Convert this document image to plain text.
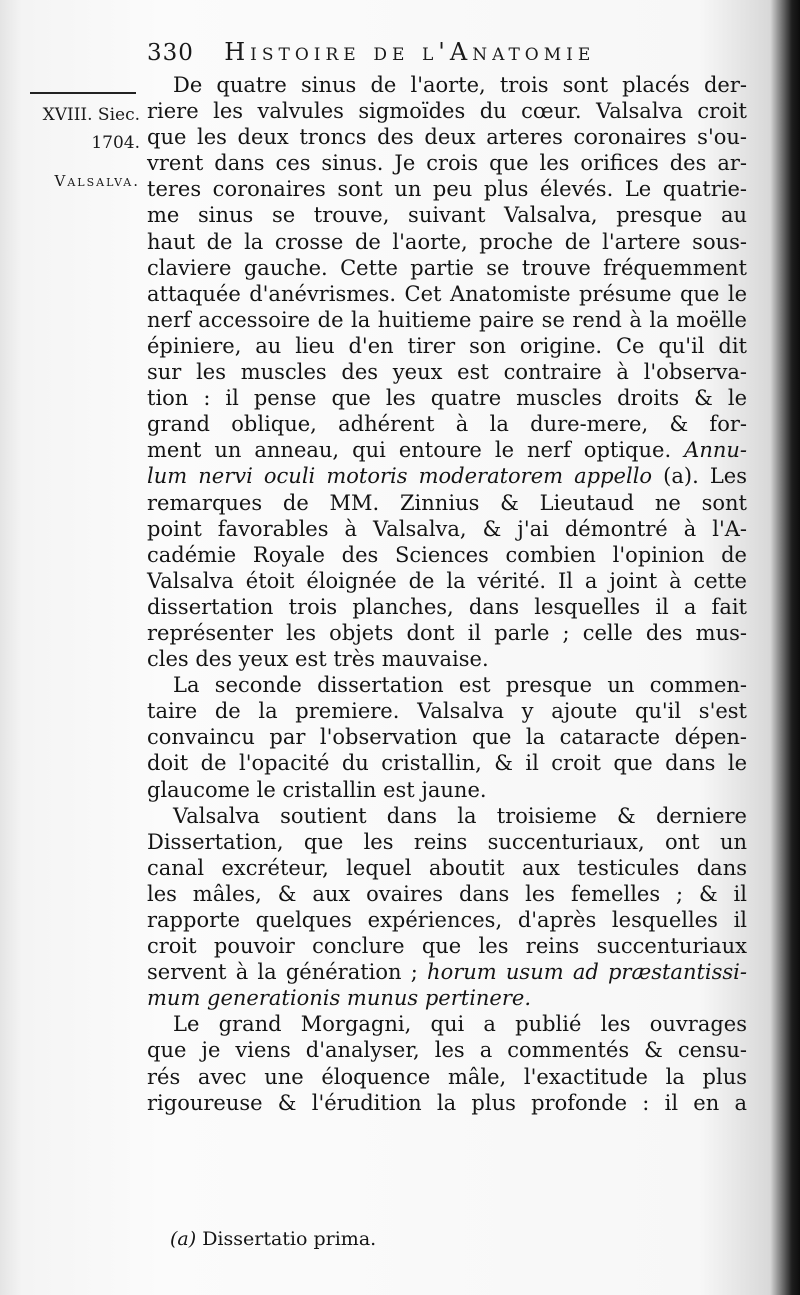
330 Histoire de l'Anatomie
XVIII. Siec.
1704.
Valsalva.
De quatre sinus de l'aorte, trois sont placés der-
riere les valvules sigmoïdes du cœur. Valsalva croit
que les deux troncs des deux arteres coronaires s'ou-
vrent dans ces sinus. Je crois que les orifices des ar-
teres coronaires sont un peu plus élevés. Le quatrie-
me sinus se trouve, suivant Valsalva, presque au
haut de la crosse de l'aorte, proche de l'artere sous-
claviere gauche. Cette partie se trouve fréquemment
attaquée d'anévrismes. Cet Anatomiste présume que le
nerf accessoire de la huitieme paire se rend à la moëlle
épiniere, au lieu d'en tirer son origine. Ce qu'il dit
sur les muscles des yeux est contraire à l'observa-
tion : il pense que les quatre muscles droits & le
grand oblique, adhérent à la dure-mere, & for-
ment un anneau, qui entoure le nerf optique. Annu-
lum nervi oculi motoris moderatorem appello (a). Les
remarques de MM. Zinnius & Lieutaud ne sont
point favorables à Valsalva, & j'ai démontré à l'A-
cadémie Royale des Sciences combien l'opinion de
Valsalva étoit éloignée de la vérité. Il a joint à cette
dissertation trois planches, dans lesquelles il a fait
représenter les objets dont il parle ; celle des mus-
cles des yeux est très mauvaise.
La seconde dissertation est presque un commen-
taire de la premiere. Valsalva y ajoute qu'il s'est
convaincu par l'observation que la cataracte dépen-
doit de l'opacité du cristallin, & il croit que dans le
glaucome le cristallin est jaune.
Valsalva soutient dans la troisieme & derniere
Dissertation, que les reins succenturiaux, ont un
canal excréteur, lequel aboutit aux testicules dans
les mâles, & aux ovaires dans les femelles ; & il
rapporte quelques expériences, d'après lesquelles il
croit pouvoir conclure que les reins succenturiaux
servent à la génération ; horum usum ad præstantissi-
mum generationis munus pertinere.
Le grand Morgagni, qui a publié les ouvrages
que je viens d'analyser, les a commentés & censu-
rés avec une éloquence mâle, l'exactitude la plus
rigoureuse & l'érudition la plus profonde : il en a
(a) Dissertatio prima.
